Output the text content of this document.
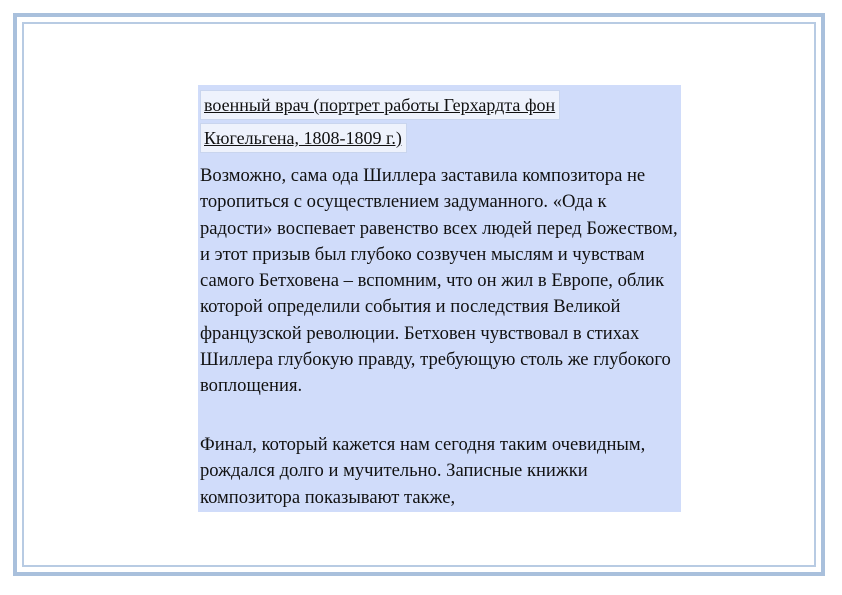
военный врач (портрет работы Герхардта фон
Кюгельгена, 1808-1809 г.)

Возможно, сама ода Шиллера заставила композитора не торопиться с осуществлением задуманного. «Ода к радости» воспевает равенство всех людей перед Божеством, и этот призыв был глубоко созвучен мыслям и чувствам самого Бетховена – вспомним, что он жил в Европе, облик которой определили события и последствия Великой французской революции. Бетховен чувствовал в стихах Шиллера глубокую правду, требующую столь же глубокого воплощения.

Финал, который кажется нам сегодня таким очевидным, рождался долго и мучительно. Записные книжки композитора показывают также,
